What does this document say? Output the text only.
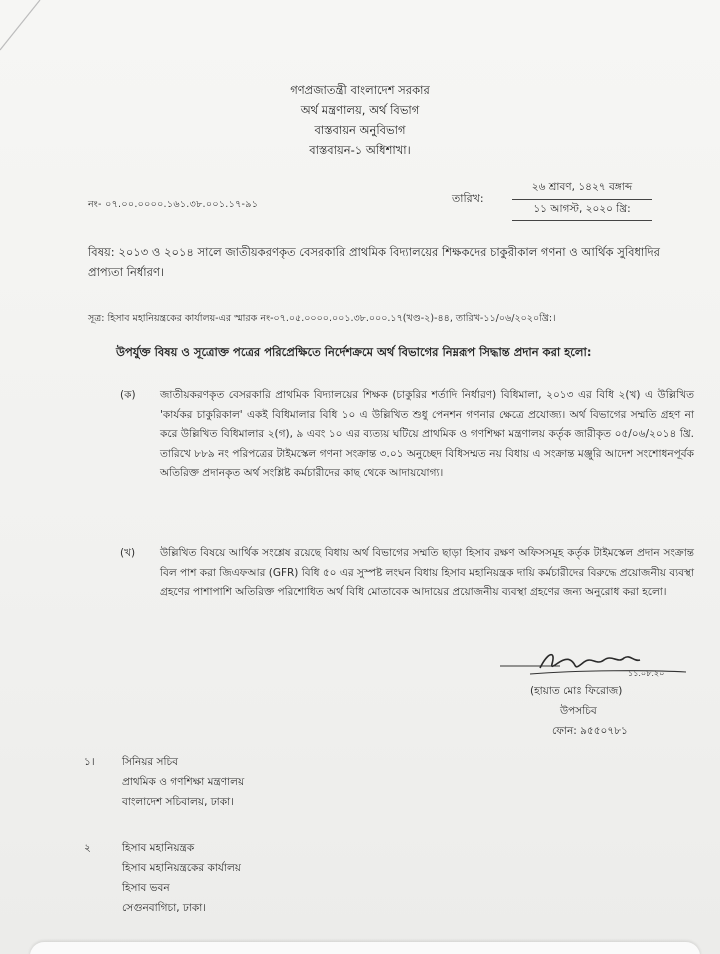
গণপ্রজাতন্ত্রী বাংলাদেশ সরকার
অর্থ মন্ত্রণালয়, অর্থ বিভাগ
বাস্তবায়ন অনুবিভাগ
বাস্তবায়ন-১ অধিশাখা।
নং- ০৭.০০.০০০০.১৬১.৩৮.০০১.১৭-৯১	তারিখ:
২৬ শ্রাবণ, ১৪২৭ বঙ্গাব্দ
১১ আগস্ট, ২০২০ খ্রি:
বিষয়: ২০১৩ ও ২০১৪ সালে জাতীয়করণকৃত বেসরকারি প্রাথমিক বিদ্যালয়ের শিক্ষকদের চাকুরীকাল গণনা ও আর্থিক সুবিধাদির প্রাপ্যতা নির্ধারণ।
সূত্র: হিসাব মহানিয়ন্ত্রকের কার্যালয়-এর স্মারক নং-০৭.০৫.০০০০.০০১.৩৮.০০০.১৭(খণ্ড-২)-৪৪, তারিখ-১১/০৬/২০২০খ্রি:।
উপর্যুক্ত বিষয় ও সূত্রোক্ত পত্রের পরিপ্রেক্ষিতে নির্দেশক্রমে অর্থ বিভাগের নিম্নরূপ সিদ্ধান্ত প্রদান করা হলো:
(ক)	জাতীয়করণকৃত বেসরকারি প্রাথমিক বিদ্যালয়ের শিক্ষক (চাকুরির শর্তাদি নির্ধারণ) বিধিমালা, ২০১৩ এর বিধি ২(খ) এ উল্লিখিত 'কার্যকর চাকুরিকাল' একই বিধিমালার বিধি ১০ এ উল্লিখিত শুধু পেনশন গণনার ক্ষেত্রে প্রযোজ্য। অর্থ বিভাগের সম্মতি গ্রহণ না করে উল্লিখিত বিধিমালার ২(গ), ৯ এবং ১০ এর ব্যত্যয় ঘটিয়ে প্রাথমিক ও গণশিক্ষা মন্ত্রণালয় কর্তৃক জারীকৃত ০৫/০৬/২০১৪ খ্রি. তারিখে ৮৮৯ নং পরিপত্রের টাইমস্কেল গণনা সংক্রান্ত ৩.০১ অনুচ্ছেদ বিধিসম্মত নয় বিধায় এ সংক্রান্ত মঞ্জুরি আদেশ সংশোধনপূর্বক অতিরিক্ত প্রদানকৃত অর্থ সংশ্লিষ্ট কর্মচারীদের কাছ থেকে আদায়যোগ্য।
(খ)	উল্লিখিত বিষয়ে আর্থিক সংশ্লেষ রয়েছে বিধায় অর্থ বিভাগের সম্মতি ছাড়া হিসাব রক্ষণ অফিসসমূহ কর্তৃক টাইমস্কেল প্রদান সংক্রান্ত বিল পাশ করা জিএফআর (GFR) বিধি ৫০ এর সুস্পষ্ট লংঘন বিধায় হিসাব মহানিয়ন্ত্রক দায়ি কর্মচারীদের বিরুদ্ধে প্রয়োজনীয় ব্যবস্থা গ্রহণের পাশাপাশি অতিরিক্ত পরিশোধিত অর্থ বিধি মোতাবেক আদায়ের প্রয়োজনীয় ব্যবস্থা গ্রহণের জন্য অনুরোধ করা হলো।
১১.০৮.২০
(হায়াত মোঃ ফিরোজ)
উপসচিব
ফোন: ৯৫৫০৭৮১
১।	সিনিয়র সচিব
প্রাথমিক ও গণশিক্ষা মন্ত্রণালয়
বাংলাদেশ সচিবালয়, ঢাকা।
২	হিসাব মহানিয়ন্ত্রক
হিসাব মহানিয়ন্ত্রকের কার্যালয়
হিসাব ভবন
সেগুনবাগিচা, ঢাকা।
